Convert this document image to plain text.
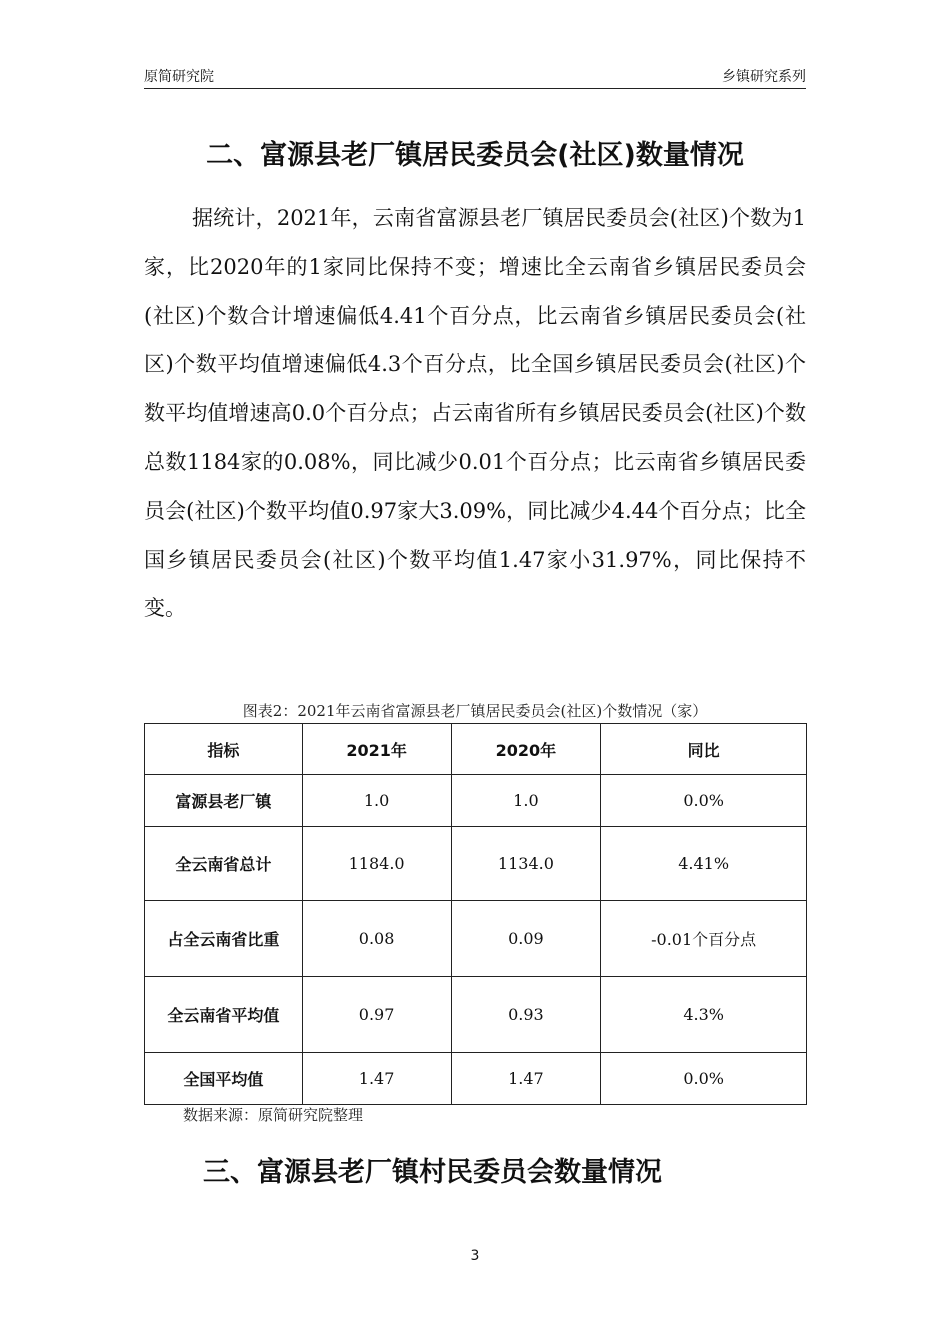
原简研究院	乡镇研究系列
二、富源县老厂镇居民委员会(社区)数量情况
据统计，2021年，云南省富源县老厂镇居民委员会(社区)个数为1家，比2020年的1家同比保持不变；增速比全云南省乡镇居民委员会(社区)个数合计增速偏低4.41个百分点，比云南省乡镇居民委员会(社区)个数平均值增速偏低4.3个百分点，比全国乡镇居民委员会(社区)个数平均值增速高0.0个百分点；占云南省所有乡镇居民委员会(社区)个数总数1184家的0.08%，同比减少0.01个百分点；比云南省乡镇居民委员会(社区)个数平均值0.97家大3.09%，同比减少4.44个百分点；比全国乡镇居民委员会(社区)个数平均值1.47家小31.97%，同比保持不变。
图表2：2021年云南省富源县老厂镇居民委员会(社区)个数情况（家）
指标	2021年	2020年	同比
富源县老厂镇	1.0	1.0	0.0%
全云南省总计	1184.0	1134.0	4.41%
占全云南省比重	0.08	0.09	-0.01个百分点
全云南省平均值	0.97	0.93	4.3%
全国平均值	1.47	1.47	0.0%
数据来源：原简研究院整理
三、富源县老厂镇村民委员会数量情况
3
